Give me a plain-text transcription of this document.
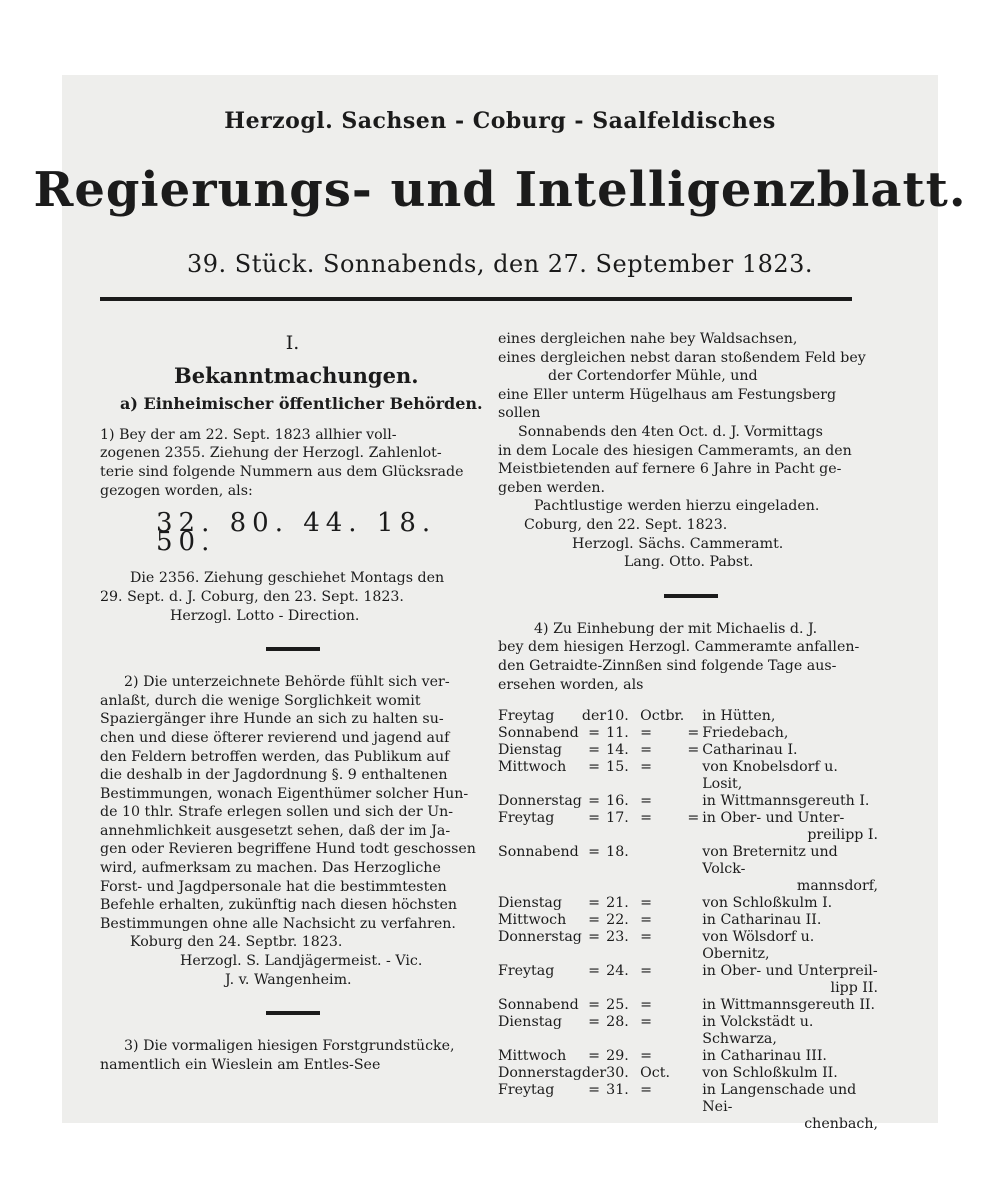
Herzogl. Sachsen - Coburg - Saalfeldisches
Regierungs- und Intelligenzblatt.
39. Stück. Sonnabends, den 27. September 1823.
I.
Bekanntmachungen.
a) Einheimischer öffentlicher Behörden.
1) Bey der am 22. Sept. 1823 allhier voll-
zogenen 2355. Ziehung der Herzogl. Zahlenlot-
terie sind folgende Nummern aus dem Glücksrade
gezogen worden, als:
32. 80. 44. 18. 50.
Die 2356. Ziehung geschiehet Montags den
29. Sept. d. J. Coburg, den 23. Sept. 1823.
Herzogl. Lotto - Direction.
2) Die unterzeichnete Behörde fühlt sich ver-
anlaßt, durch die wenige Sorglichkeit womit
Spaziergänger ihre Hunde an sich zu halten su-
chen und diese öfterer revierend und jagend auf
den Feldern betroffen werden, das Publikum auf
die deshalb in der Jagdordnung §. 9 enthaltenen
Bestimmungen, wonach Eigenthümer solcher Hun-
de 10 thlr. Strafe erlegen sollen und sich der Un-
annehmlichkeit ausgesetzt sehen, daß der im Ja-
gen oder Revieren begriffene Hund todt geschossen
wird, aufmerksam zu machen. Das Herzogliche
Forst- und Jagdpersonale hat die bestimmtesten
Befehle erhalten, zukünftig nach diesen höchsten
Bestimmungen ohne alle Nachsicht zu verfahren.
Koburg den 24. Septbr. 1823.
Herzogl. S. Landjägermeist. - Vic.
J. v. Wangenheim.
3) Die vormaligen hiesigen Forstgrundstücke,
namentlich ein Wieslein am Entles-See
eines dergleichen nahe bey Waldsachsen,
eines dergleichen nebst daran stoßendem Feld bey
der Cortendorfer Mühle, und
eine Eller unterm Hügelhaus am Festungsberg
sollen
Sonnabends den 4ten Oct. d. J. Vormittags
in dem Locale des hiesigen Cammeramts, an den
Meistbietenden auf fernere 6 Jahre in Pacht ge-
geben werden.
Pachtlustige werden hierzu eingeladen.
Coburg, den 22. Sept. 1823.
Herzogl. Sächs. Cammeramt.
Lang. Otto. Pabst.
4) Zu Einhebung der mit Michaelis d. J.
bey dem hiesigen Herzogl. Cammeramte anfallen-
den Getraidte-Zinnßen sind folgende Tage aus-
ersehen worden, als
Freytag	der	10.	Octbr.		in Hütten,
Sonnabend	=	11.	=	=	Friedebach,
Dienstag	=	14.	=	=	Catharinau I.
Mittwoch	=	15.	=		von Knobelsdorf u. Losit,
Donnerstag	=	16.	=		in Wittmannsgereuth I.
Freytag	=	17.	=	=	in Ober- und Unter-
preilipp I.					
Sonnabend	=	18.			von Breternitz und Volck-
mannsdorf,					
Dienstag	=	21.	=		von Schloßkulm I.
Mittwoch	=	22.	=		in Catharinau II.
Donnerstag	=	23.	=		von Wölsdorf u. Obernitz,
Freytag	=	24.	=		in Ober- und Unterpreil-
lipp II.					
Sonnabend	=	25.	=		in Wittmannsgereuth II.
Dienstag	=	28.	=		in Volckstädt u. Schwarza,
Mittwoch	=	29.	=		in Catharinau III.
Donnerstag	der	30.	Oct.		von Schloßkulm II.
Freytag	=	31.	=		in Langenschade und Nei-
chenbach,					
